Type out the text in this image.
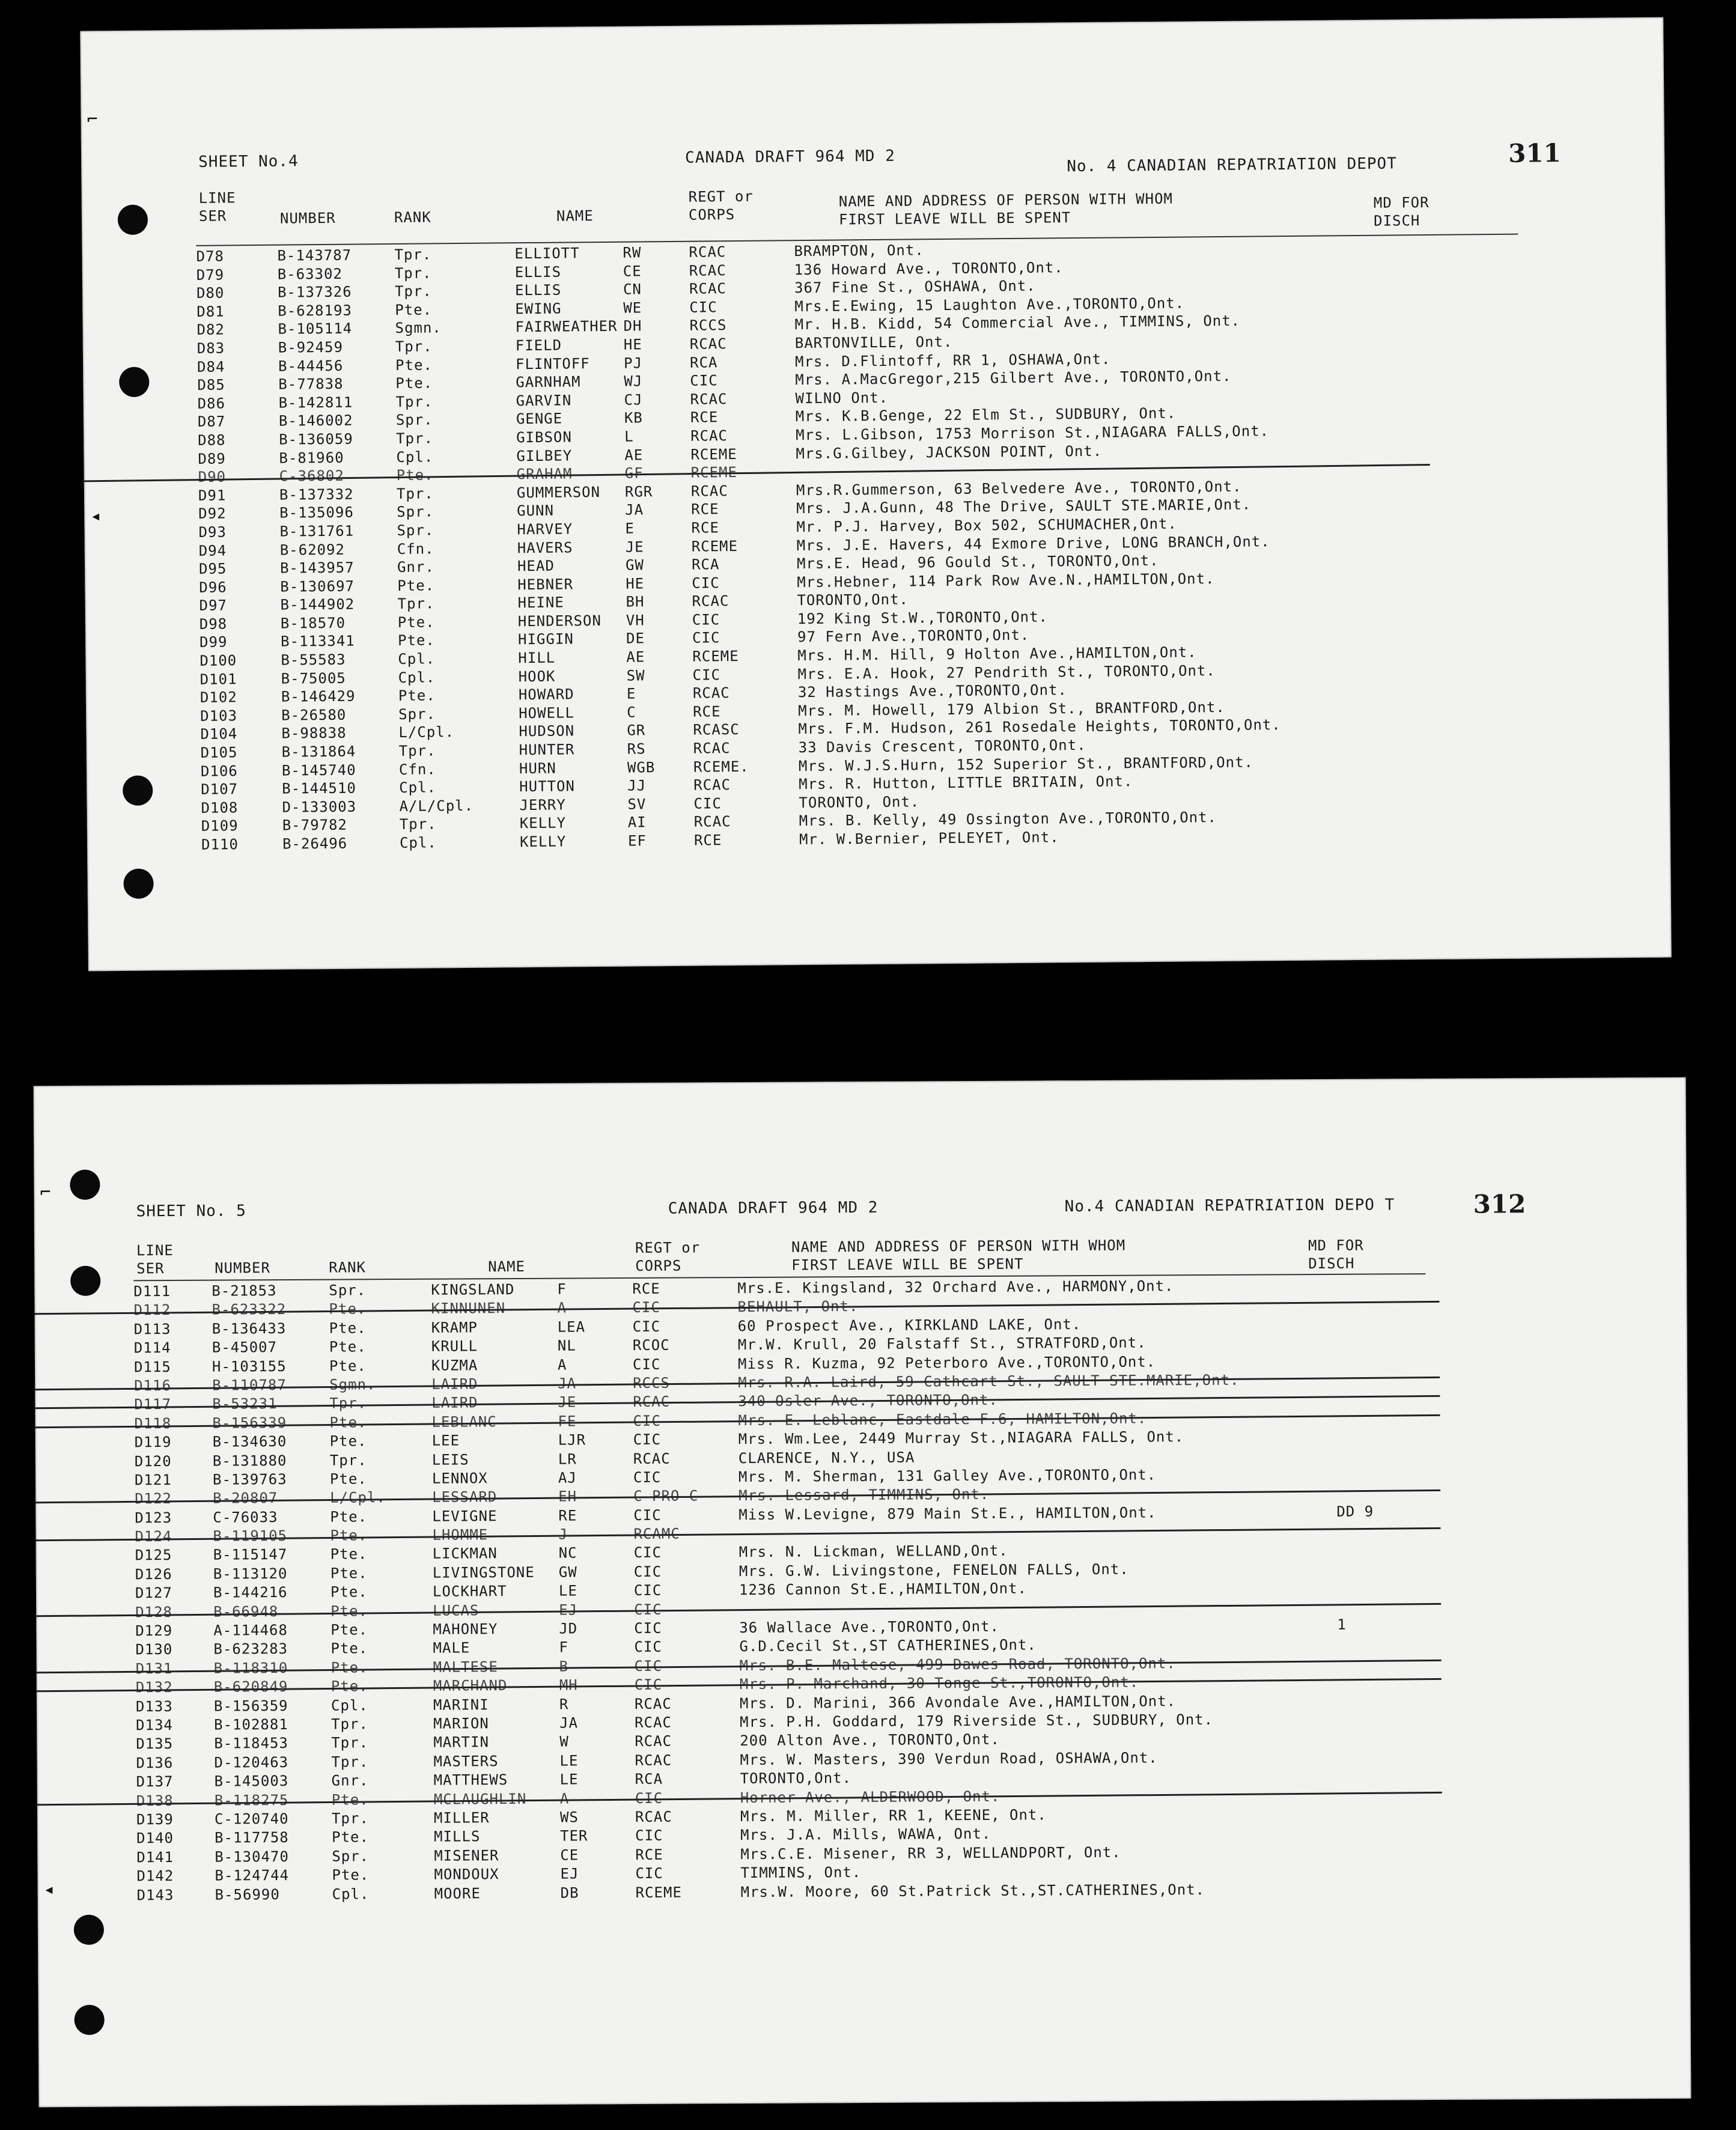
⌐
◂
SHEET No.4	CANADA DRAFT 964 MD 2	No. 4 CANADIAN REPATRIATION DEPOT	311
LINE
SER	NUMBER	RANK	NAME
REGT or
CORPS
NAME AND ADDRESS OF PERSON WITH WHOM
FIRST LEAVE WILL BE SPENT
MD FOR
DISCH
D78	B-143787	Tpr.	ELLIOTT	RW	RCAC	BRAMPTON, Ont.
D79	B-63302	Tpr.	ELLIS	CE	RCAC	136 Howard Ave., TORONTO,Ont.
D80	B-137326	Tpr.	ELLIS	CN	RCAC	367 Fine St., OSHAWA, Ont.
D81	B-628193	Pte.	EWING	WE	CIC	Mrs.E.Ewing, 15 Laughton Ave.,TORONTO,Ont.
D82	B-105114	Sgmn.	FAIRWEATHER DH	RCCS	Mr. H.B. Kidd, 54 Commercial Ave., TIMMINS, Ont.
D83	B-92459	Tpr.	FIELD	HE	RCAC	BARTONVILLE, Ont.
D84	B-44456	Pte.	FLINTOFF PJ	RCA	Mrs. D.Flintoff, RR 1, OSHAWA,Ont.
D85	B-77838	Pte.	GARNHAM	WJ	CIC	Mrs. A.MacGregor,215 Gilbert Ave., TORONTO,Ont.
D86	B-142811	Tpr.	GARVIN	CJ	RCAC	WILNO Ont.
D87	B-146002	Spr.	GENGE	KB	RCE	Mrs. K.B.Genge, 22 Elm St., SUDBURY, Ont.
D88	B-136059	Tpr.	GIBSON	L	RCAC	Mrs. L.Gibson, 1753 Morrison St.,NIAGARA FALLS,Ont.
D89	B-81960	Cpl.	GILBEY	AE	RCEME	Mrs.G.Gilbey, JACKSON POINT, Ont.
D90	C-36802	Pte.	GRAHAM	GF	RCEME
D91	B-137332	Tpr.	GUMMERSON RGR	RCAC	Mrs.R.Gummerson, 63 Belvedere Ave., TORONTO,Ont.
D92	B-135096	Spr.	GUNN	JA	RCE	Mrs. J.A.Gunn, 48 The Drive, SAULT STE.MARIE,Ont.
D93	B-131761	Spr.	HARVEY	E	RCE	Mr. P.J. Harvey, Box 502, SCHUMACHER,Ont.
D94	B-62092	Cfn.	HAVERS	JE	RCEME	Mrs. J.E. Havers, 44 Exmore Drive, LONG BRANCH,Ont.
D95	B-143957	Gnr.	HEAD	GW	RCA	Mrs.E. Head, 96 Gould St., TORONTO,Ont.
D96	B-130697	Pte.	HEBNER	HE	CIC	Mrs.Hebner, 114 Park Row Ave.N.,HAMILTON,Ont.
D97	B-144902	Tpr.	HEINE	BH	RCAC	TORONTO,Ont.
D98	B-18570	Pte.	HENDERSON VH	CIC	192 King St.W.,TORONTO,Ont.
D99	B-113341	Pte.	HIGGIN	DE	CIC	97 Fern Ave.,TORONTO,Ont.
D100	B-55583	Cpl.	HILL	AE	RCEME	Mrs. H.M. Hill, 9 Holton Ave.,HAMILTON,Ont.
D101	B-75005	Cpl.	HOOK	SW	CIC	Mrs. E.A. Hook, 27 Pendrith St., TORONTO,Ont.
D102	B-146429	Pte.	HOWARD	E	RCAC	32 Hastings Ave.,TORONTO,Ont.
D103	B-26580	Spr.	HOWELL	C	RCE	Mrs. M. Howell, 179 Albion St., BRANTFORD,Ont.
D104	B-98838	L/Cpl.	HUDSON	GR	RCASC	Mrs. F.M. Hudson, 261 Rosedale Heights, TORONTO,Ont.
D105	B-131864	Tpr.	HUNTER	RS	RCAC	33 Davis Crescent, TORONTO,Ont.
D106	B-145740	Cfn.	HURN	WGB	RCEME.	Mrs. W.J.S.Hurn, 152 Superior St., BRANTFORD,Ont.
D107	B-144510	Cpl.	HUTTON	JJ	RCAC	Mrs. R. Hutton, LITTLE BRITAIN, Ont.
D108	D-133003	A/L/Cpl.	JERRY	SV	CIC	TORONTO, Ont.
D109	B-79782	Tpr.	KELLY	AI	RCAC	Mrs. B. Kelly, 49 Ossington Ave.,TORONTO,Ont.
D110	B-26496	Cpl.	KELLY	EF	RCE	Mr. W.Bernier, PELEYET, Ont.
⌐
◂
SHEET No. 5	CANADA DRAFT 964 MD 2	No.4 CANADIAN REPATRIATION DEPO T	312
LINE
SER	NUMBER	RANK	NAME
REGT or
CORPS
NAME AND ADDRESS OF PERSON WITH WHOM
FIRST LEAVE WILL BE SPENT
MD FOR
DISCH
D111	B-21853	Spr.	KINGSLAND	F	RCE	Mrs.E. Kingsland, 32 Orchard Ave., HARMONY,Ont.
D112	B-623322	Pte.	KINNUNEN	A	CIC	BEHAULT, Ont.
D113	B-136433	Pte.	KRAMP	LEA	CIC	60 Prospect Ave., KIRKLAND LAKE, Ont.
D114	B-45007	Pte.	KRULL	NL	RCOC	Mr.W. Krull, 20 Falstaff St., STRATFORD,Ont.
D115	H-103155	Pte.	KUZMA	A	CIC	Miss R. Kuzma, 92 Peterboro Ave.,TORONTO,Ont.
D116	B-110787	Sgmn.	LAIRD	JA	RCCS	Mrs. R.A. Laird, 59 Cathcart St., SAULT STE.MARIE,Ont.
D117	B-53231	Tpr.	LAIRD	JE	RCAC	340 Osler Ave., TORONTO,Ont.
D118	B-156339	Pte.	LEBLANC	FE	CIC	Mrs. E. Leblanc, Eastdale F.6, HAMILTON,Ont.
D119	B-134630	Pte.	LEE	LJR	CIC	Mrs. Wm.Lee, 2449 Murray St.,NIAGARA FALLS, Ont.
D120	B-131880	Tpr.	LEIS	LR	RCAC	CLARENCE, N.Y., USA
D121	B-139763	Pte.	LENNOX	AJ	CIC	Mrs. M. Sherman, 131 Galley Ave.,TORONTO,Ont.
D122	B-20807	L/Cpl.	LESSARD	EH	C PRO C	Mrs. Lessard, TIMMINS, Ont.
D123	C-76033	Pte.	LEVIGNE	RE	CIC	Miss W.Levigne, 879 Main St.E., HAMILTON,Ont.	DD 9
D124	B-119105	Pte.	LHOMME	J	RCAMC
D125	B-115147	Pte.	LICKMAN	NC	CIC	Mrs. N. Lickman, WELLAND,Ont.
D126	B-113120	Pte.	LIVINGSTONE GW	CIC	Mrs. G.W. Livingstone, FENELON FALLS, Ont.
D127	B-144216	Pte.	LOCKHART	LE	CIC	1236 Cannon St.E.,HAMILTON,Ont.
D128	B-66948	Pte.	LUCAS	EJ	CIC
D129	A-114468	Pte.	MAHONEY	JD	CIC	36 Wallace Ave.,TORONTO,Ont.	1
D130	B-623283	Pte.	MALE	F	CIC	G.D.Cecil St.,ST CATHERINES,Ont.
D131	B-118310	Pte.	MALTESE	B	CIC	Mrs. B.E. Maltese, 499 Dawes Road, TORONTO,Ont.
D132	B-620849	Pte.	MARCHAND	MH	CIC	Mrs. P. Marchand, 30 Tonge St.,TORONTO,Ont.
D133	B-156359	Cpl.	MARINI	R	RCAC	Mrs. D. Marini, 366 Avondale Ave.,HAMILTON,Ont.
D134	B-102881	Tpr.	MARION	JA	RCAC	Mrs. P.H. Goddard, 179 Riverside St., SUDBURY, Ont.
D135	B-118453	Tpr.	MARTIN	W	RCAC	200 Alton Ave., TORONTO,Ont.
D136	D-120463	Tpr.	MASTERS	LE	RCAC	Mrs. W. Masters, 390 Verdun Road, OSHAWA,Ont.
D137	B-145003	Gnr.	MATTHEWS	LE	RCA	TORONTO,Ont.
D138	B-118275	Pte.	MCLAUGHLIN A	CIC	Horner Ave., ALDERWOOD, Ont.
D139	C-120740	Tpr.	MILLER	WS	RCAC	Mrs. M. Miller, RR 1, KEENE, Ont.
D140	B-117758	Pte.	MILLS	TER	CIC	Mrs. J.A. Mills, WAWA, Ont.
D141	B-130470	Spr.	MISENER	CE	RCE	Mrs.C.E. Misener, RR 3, WELLANDPORT, Ont.
D142	B-124744	Pte.	MONDOUX	EJ	CIC	TIMMINS, Ont.
D143	B-56990	Cpl.	MOORE	DB	RCEME	Mrs.W. Moore, 60 St.Patrick St.,ST.CATHERINES,Ont.
